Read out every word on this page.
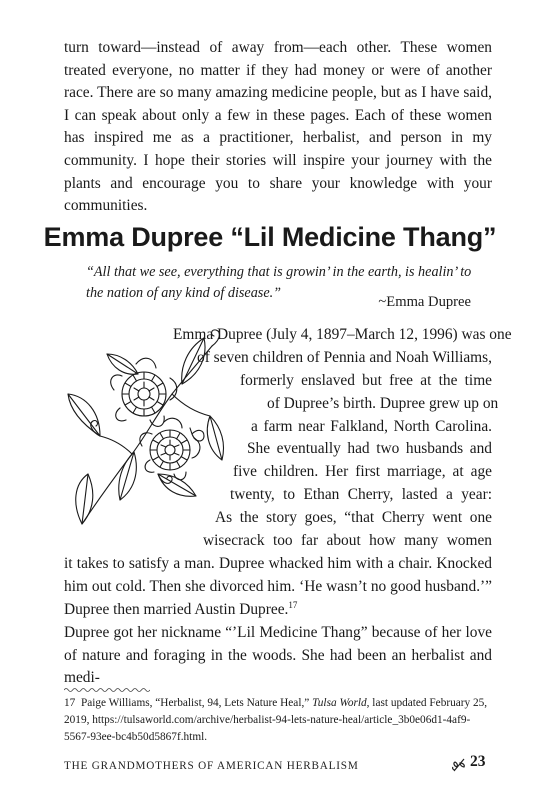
turn toward—instead of away from—each other. These women treated everyone, no matter if they had money or were of another race. There are so many amazing medicine people, but as I have said, I can speak about only a few in these pages. Each of these women has inspired me as a practitioner, herbalist, and person in my community. I hope their stories will inspire your journey with the plants and encourage you to share your knowledge with your communities.

Emma Dupree “Lil Medicine Thang”

“All that we see, everything that is growin’ in the earth, is healin’ to the nation of any kind of disease.”

~Emma Dupree

Emma Dupree (July 4, 1897–March 12, 1996) was one
of seven children of Pennia and Noah Williams,
formerly enslaved but free at the time
of Dupree’s birth. Dupree grew up on
a farm near Falkland, North Carolina.
She eventually had two husbands and
five children. Her first marriage, at age
twenty, to Ethan Cherry, lasted a year:
As the story goes, “that Cherry went one
wisecrack too far about how many women
it takes to satisfy a man. Dupree whacked him with a chair. Knocked
him out cold. Then she divorced him. ‘He wasn’t no good husband.’”
Dupree then married Austin Dupree.$^{17}$

Dupree got her nickname “’Lil Medicine Thang” because of her love of nature and foraging in the woods. She had been an herbalist and medi-

17 Paige Williams, “Herbalist, 94, Lets Nature Heal,” Tulsa World, last updated February 25, 2019, https://tulsaworld.com/archive/herbalist-94-lets-nature-heal/article_3b0e06d1-4af9-5567-93ee-bc4b50d5867f.html.

THE GRANDMOTHERS OF AMERICAN HERBALISM	23
